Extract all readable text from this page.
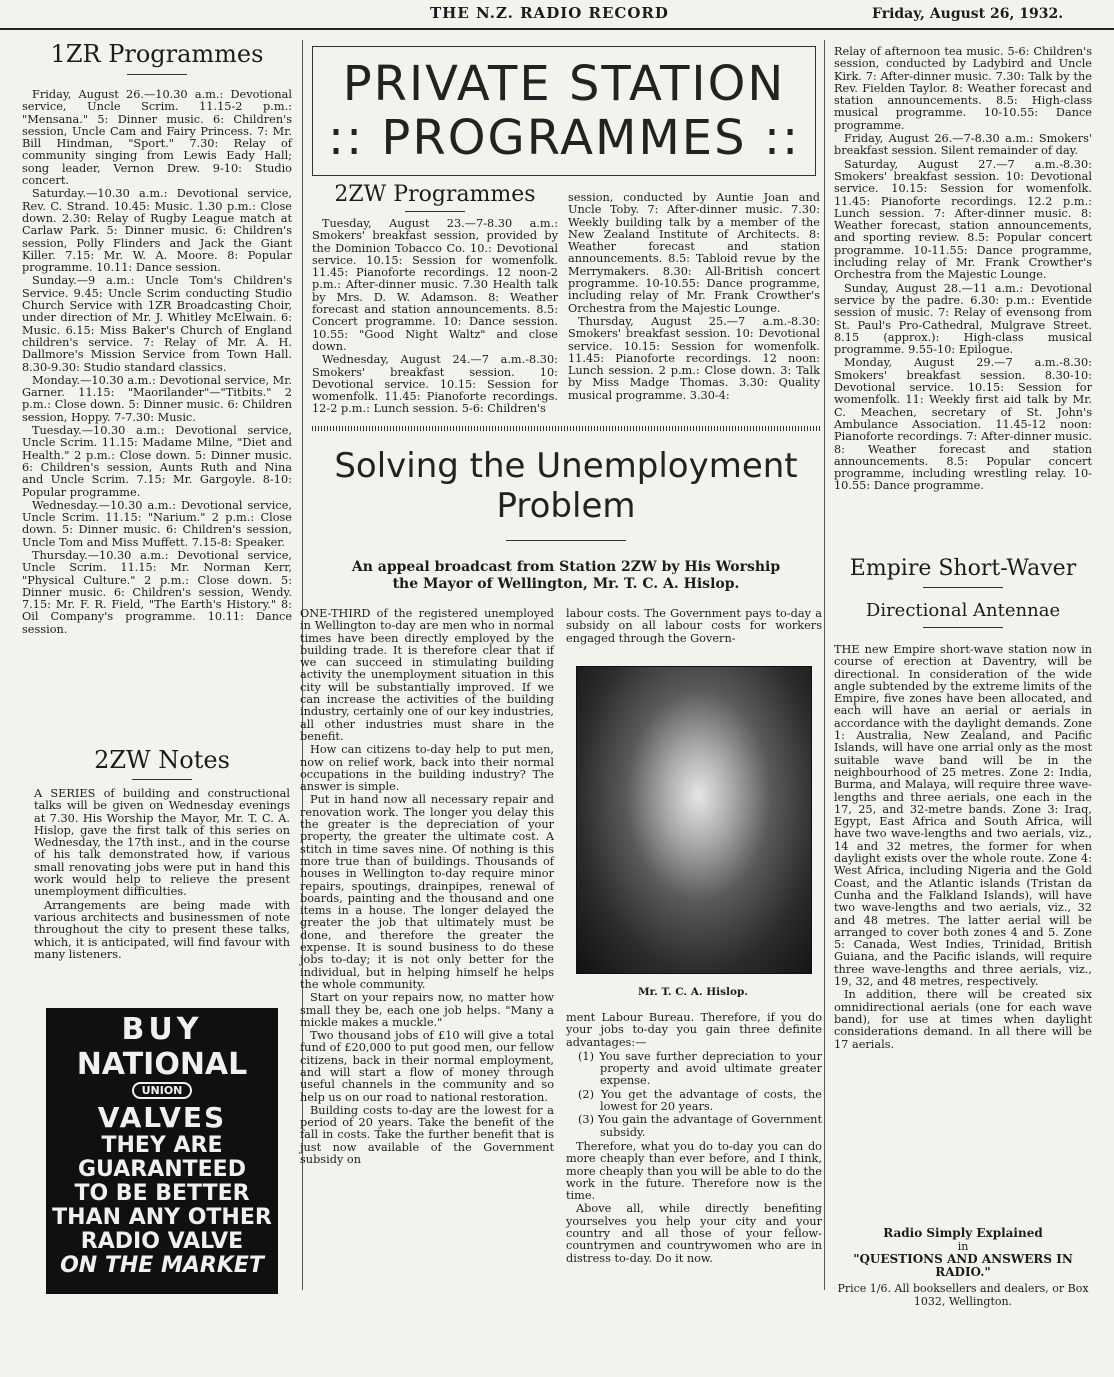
THE N.Z. RADIO RECORD	Friday, August 26, 1932.
1ZR Programmes

Friday, August 26.—10.30 a.m.: Devotional service, Uncle Scrim. 11.15-2 p.m.: "Mensana." 5: Dinner music. 6: Children's session, Uncle Cam and Fairy Princess. 7: Mr. Bill Hindman, "Sport." 7.30: Relay of community singing from Lewis Eady Hall; song leader, Vernon Drew. 9-10: Studio concert.

Saturday.—10.30 a.m.: Devotional service, Rev. C. Strand. 10.45: Music. 1.30 p.m.: Close down. 2.30: Relay of Rugby League match at Carlaw Park. 5: Dinner music. 6: Children's session, Polly Flinders and Jack the Giant Killer. 7.15: Mr. W. A. Moore. 8: Popular programme. 10.11: Dance session.

Sunday.—9 a.m.: Uncle Tom's Children's Service. 9.45: Uncle Scrim conducting Studio Church Service with 1ZR Broadcasting Choir, under direction of Mr. J. Whitley McElwain. 6: Music. 6.15: Miss Baker's Church of England children's service. 7: Relay of Mr. A. H. Dallmore's Mission Service from Town Hall. 8.30-9.30: Studio standard classics.

Monday.—10.30 a.m.: Devotional service, Mr. Garner. 11.15: "Maorilander"—"Titbits." 2 p.m.: Close down. 5: Dinner music. 6: Children session, Hoppy. 7-7.30: Music.

Tuesday.—10.30 a.m.: Devotional service, Uncle Scrim. 11.15: Madame Milne, "Diet and Health." 2 p.m.: Close down. 5: Dinner music. 6: Children's session, Aunts Ruth and Nina and Uncle Scrim. 7.15: Mr. Gargoyle. 8-10: Popular programme.

Wednesday.—10.30 a.m.: Devotional service, Uncle Scrim. 11.15: "Narium." 2 p.m.: Close down. 5: Dinner music. 6: Children's session, Uncle Tom and Miss Muffett. 7.15-8: Speaker.

Thursday.—10.30 a.m.: Devotional service, Uncle Scrim. 11.15: Mr. Norman Kerr, "Physical Culture." 2 p.m.: Close down. 5: Dinner music. 6: Children's session, Wendy. 7.15: Mr. F. R. Field, "The Earth's History." 8: Oil Company's programme. 10.11: Dance session.

2ZW Notes

A SERIES of building and constructional talks will be given on Wednesday evenings at 7.30. His Worship the Mayor, Mr. T. C. A. Hislop, gave the first talk of this series on Wednesday, the 17th inst., and in the course of his talk demonstrated how, if various small renovating jobs were put in hand this work would help to relieve the present unemployment difficulties.

Arrangements are being made with various architects and businessmen of note throughout the city to present these talks, which, it is anticipated, will find favour with many listeners.

BUY
NATIONAL
UNION
VALVES
THEY ARE
GUARANTEED
TO BE BETTER
THAN ANY OTHER
RADIO VALVE
ON THE MARKET
PRIVATE STATION
:: PROGRAMMES ::
2ZW Programmes

Tuesday, August 23.—7-8.30 a.m.: Smokers' breakfast session, provided by the Dominion Tobacco Co. 10.: Devotional service. 10.15: Session for womenfolk. 11.45: Pianoforte recordings. 12 noon-2 p.m.: After-dinner music. 7.30 Health talk by Mrs. D. W. Adamson. 8: Weather forecast and station announcements. 8.5: Concert programme. 10: Dance session. 10.55: "Good Night Waltz" and close down.

Wednesday, August 24.—7 a.m.-8.30: Smokers' breakfast session. 10: Devotional service. 10.15: Session for womenfolk. 11.45: Pianoforte recordings. 12-2 p.m.: Lunch session. 5-6: Children's

session, conducted by Auntie Joan and Uncle Toby. 7: After-dinner music. 7.30: Weekly building talk by a member of the New Zealand Institute of Architects. 8: Weather forecast and station announcements. 8.5: Tabloid revue by the Merrymakers. 8.30: All-British concert programme. 10-10.55: Dance programme, including relay of Mr. Frank Crowther's Orchestra from the Majestic Lounge.

Thursday, August 25.—7 a.m.-8.30: Smokers' breakfast session. 10: Devotional service. 10.15: Session for womenfolk. 11.45: Pianoforte recordings. 12 noon: Lunch session. 2 p.m.: Close down. 3: Talk by Miss Madge Thomas. 3.30: Quality musical programme. 3.30-4:

Relay of afternoon tea music. 5-6: Children's session, conducted by Ladybird and Uncle Kirk. 7: After-dinner music. 7.30: Talk by the Rev. Fielden Taylor. 8: Weather forecast and station announcements. 8.5: High-class musical programme. 10-10.55: Dance programme.

Friday, August 26.—7-8.30 a.m.: Smokers' breakfast session. Silent remainder of day.

Saturday, August 27.—7 a.m.-8.30: Smokers' breakfast session. 10: Devotional service. 10.15: Session for womenfolk. 11.45: Pianoforte recordings. 12.2 p.m.: Lunch session. 7: After-dinner music. 8: Weather forecast, station announcements, and sporting review. 8.5: Popular concert programme. 10-11.55: Dance programme, including relay of Mr. Frank Crowther's Orchestra from the Majestic Lounge.

Sunday, August 28.—11 a.m.: Devotional service by the padre. 6.30: p.m.: Eventide session of music. 7: Relay of evensong from St. Paul's Pro-Cathedral, Mulgrave Street. 8.15 (approx.): High-class musical programme. 9.55-10: Epilogue.

Monday, August 29.—7 a.m.-8.30: Smokers' breakfast session. 8.30-10: Devotional service. 10.15: Session for womenfolk. 11: Weekly first aid talk by Mr. C. Meachen, secretary of St. John's Ambulance Association. 11.45-12 noon: Pianoforte recordings. 7: After-dinner music. 8: Weather forecast and station announcements. 8.5: Popular concert programme, including wrestling relay. 10-10.55: Dance programme.

Solving the Unemployment
Problem
An appeal broadcast from Station 2ZW by His Worship the Mayor of Wellington, Mr. T. C. A. Hislop.

ONE-THIRD of the registered unemployed in Wellington to-day are men who in normal times have been directly employed by the building trade. It is therefore clear that if we can succeed in stimulating building activity the unemployment situation in this city will be substantially improved. If we can increase the activities of the building industry, certainly one of our key industries, all other industries must share in the benefit.

How can citizens to-day help to put men, now on relief work, back into their normal occupations in the building industry? The answer is simple.

Put in hand now all necessary repair and renovation work. The longer you delay this the greater is the depreciation of your property, the greater the ultimate cost. A stitch in time saves nine. Of nothing is this more true than of buildings. Thousands of houses in Wellington to-day require minor repairs, spoutings, drainpipes, renewal of boards, painting and the thousand and one items in a house. The longer delayed the greater the job that ultimately must be done, and therefore the greater the expense. It is sound business to do these jobs to-day; it is not only better for the individual, but in helping himself he helps the whole community.

Start on your repairs now, no matter how small they be, each one job helps. "Many a mickle makes a muckle."

Two thousand jobs of £10 will give a total fund of £20,000 to put good men, our fellow citizens, back in their normal employment, and will start a flow of money through useful channels in the community and so help us on our road to national restoration.

Building costs to-day are the lowest for a period of 20 years. Take the benefit of the fall in costs. Take the further benefit that is just now available of the Government subsidy on

labour costs. The Government pays to-day a subsidy on all labour costs for workers engaged through the Govern-

Mr. T. C. A. Hislop.

ment Labour Bureau. Therefore, if you do your jobs to-day you gain three definite advantages:—

(1) You save further depreciation to your property and avoid ultimate greater expense.
(2) You get the advantage of costs, the lowest for 20 years.
(3) You gain the advantage of Government subsidy.

Therefore, what you do to-day you can do more cheaply than ever before, and I think, more cheaply than you will be able to do the work in the future. Therefore now is the time.

Above all, while directly benefiting yourselves you help your city and your country and all those of your fellow-countrymen and countrywomen who are in distress to-day. Do it now.

Empire Short-Waver
Directional Antennae

THE new Empire short-wave station now in course of erection at Daventry, will be directional. In consideration of the wide angle subtended by the extreme limits of the Empire, five zones have been allocated, and each will have an aerial or aerials in accordance with the daylight demands. Zone 1: Australia, New Zealand, and Pacific Islands, will have one arrial only as the most suitable wave band will be in the neighbourhood of 25 metres. Zone 2: India, Burma, and Malaya, will require three wave-lengths and three aerials, one each in the 17, 25, and 32-metre bands. Zone 3: Iraq, Egypt, East Africa and South Africa, will have two wave-lengths and two aerials, viz., 14 and 32 metres, the former for when daylight exists over the whole route. Zone 4: West Africa, including Nigeria and the Gold Coast, and the Atlantic islands (Tristan da Cunha and the Falkland Islands), will have two wave-lengths and two aerials, viz., 32 and 48 metres. The latter aerial will be arranged to cover both zones 4 and 5. Zone 5: Canada, West Indies, Trinidad, British Guiana, and the Pacific islands, will require three wave-lengths and three aerials, viz., 19, 32, and 48 metres, respectively.

In addition, there will be created six omnidirectional aerials (one for each wave band), for use at times when daylight considerations demand. In all there will be 17 aerials.

Radio Simply Explained
in
"QUESTIONS AND ANSWERS IN RADIO."
Price 1/6. All booksellers and dealers, or Box 1032, Wellington.
